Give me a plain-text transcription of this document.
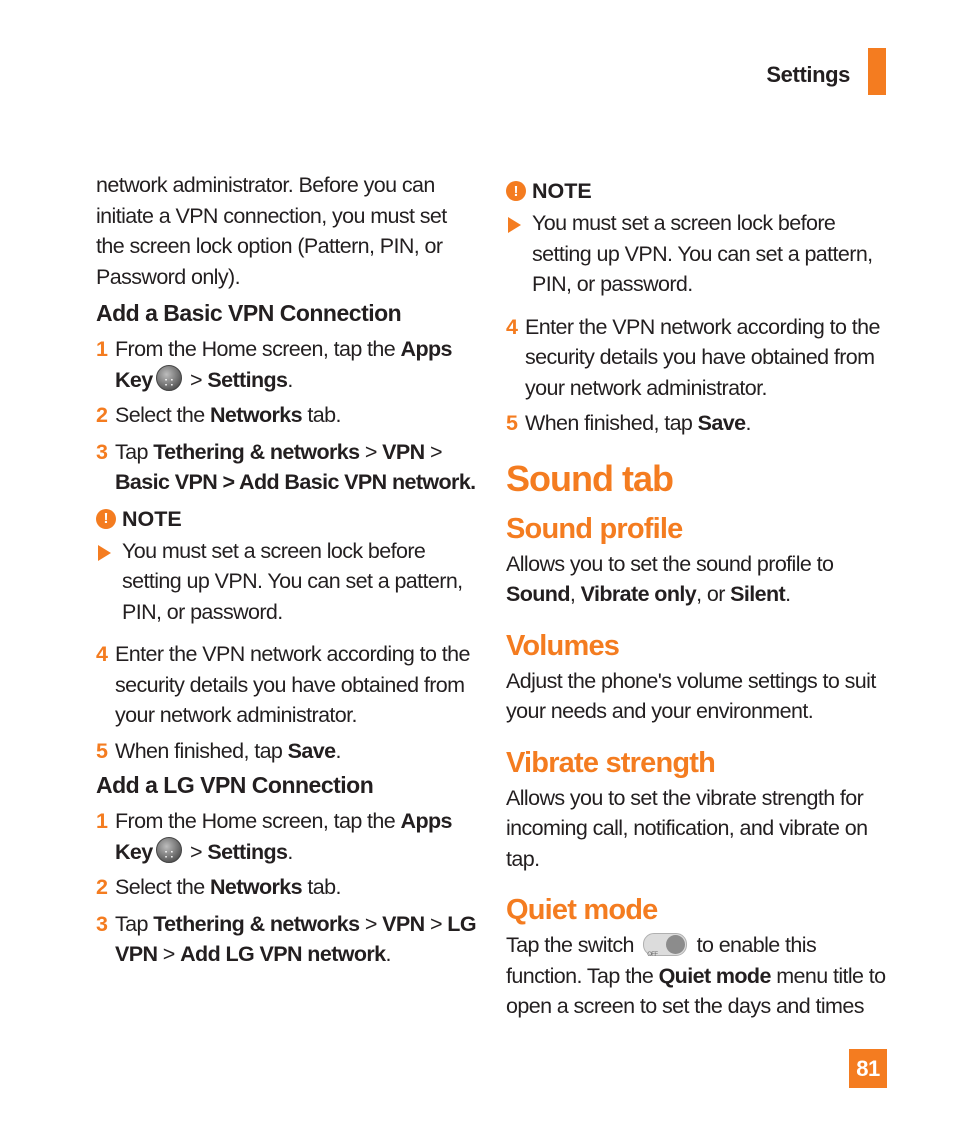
Settings

network administrator. Before you can initiate a VPN connection, you must set the screen lock option (Pattern, PIN, or Password only).

Add a Basic VPN Connection

1 From the Home screen, tap the Apps Key∷ > Settings.
2 Select the Networks tab.
3 Tap Tethering & networks > VPN > Basic VPN > Add Basic VPN network.
! NOTE
You must set a screen lock before setting up VPN. You can set a pattern, PIN, or password.
4 Enter the VPN network according to the security details you have obtained from your network administrator.
5 When finished, tap Save.

Add a LG VPN Connection

1 From the Home screen, tap the Apps Key∷ > Settings.
2 Select the Networks tab.
3 Tap Tethering & networks > VPN > LG VPN > Add LG VPN network.
! NOTE
You must set a screen lock before setting up VPN. You can set a pattern, PIN, or password.
4 Enter the VPN network according to the security details you have obtained from your network administrator.
5 When finished, tap Save.

Sound tab

Sound profile

Allows you to set the sound profile to Sound, Vibrate only, or Silent.

Volumes

Adjust the phone's volume settings to suit your needs and your environment.

Vibrate strength

Allows you to set the vibrate strength for incoming call, notification, and vibrate on tap.

Quiet mode

Tap the switch OFF to enable this function. Tap the Quiet mode menu title to open a screen to set the days and times

81
